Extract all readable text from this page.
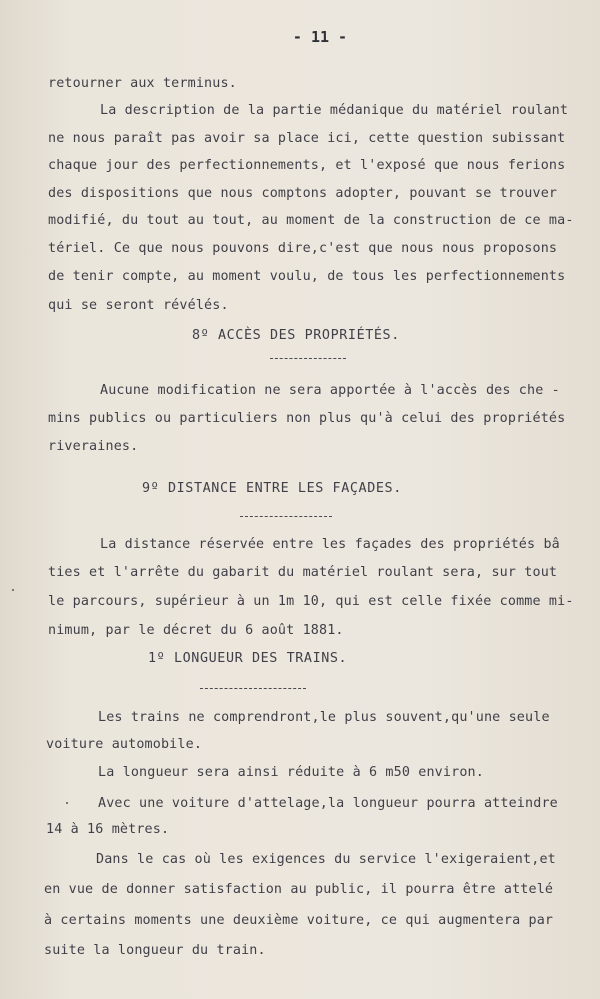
- 11 -
retourner aux terminus.
La description de la partie médanique du matériel roulant
ne nous paraît pas avoir sa place ici, cette question subissant
chaque jour des perfectionnements, et l'exposé que nous ferions
des dispositions que nous comptons adopter, pouvant se trouver
modifié, du tout au tout, au moment de la construction de ce ma-
tériel. Ce que nous pouvons dire,c'est que nous nous proposons
de tenir compte, au moment voulu, de tous les perfectionnements
qui se seront révélés.
8º ACCÈS DES PROPRIÉTÉS.
Aucune modification ne sera apportée à l'accès des che -
mins publics ou particuliers non plus qu'à celui des propriétés
riveraines.
9º DISTANCE ENTRE LES FAÇADES.
La distance réservée entre les façades des propriétés bâ
ties et l'arrête du gabarit du matériel roulant sera, sur tout
le parcours, supérieur à un 1m 10, qui est celle fixée comme mi-
nimum, par le décret du 6 août 1881.
1º LONGUEUR DES TRAINS.
Les trains ne comprendront,le plus souvent,qu'une seule
voiture automobile.
La longueur sera ainsi réduite à 6 m50 environ.
Avec une voiture d'attelage,la longueur pourra atteindre
14 à 16 mètres.
Dans le cas où les exigences du service l'exigeraient,et
en vue de donner satisfaction au public, il pourra être attelé
à certains moments une deuxième voiture, ce qui augmentera par
suite la longueur du train.
